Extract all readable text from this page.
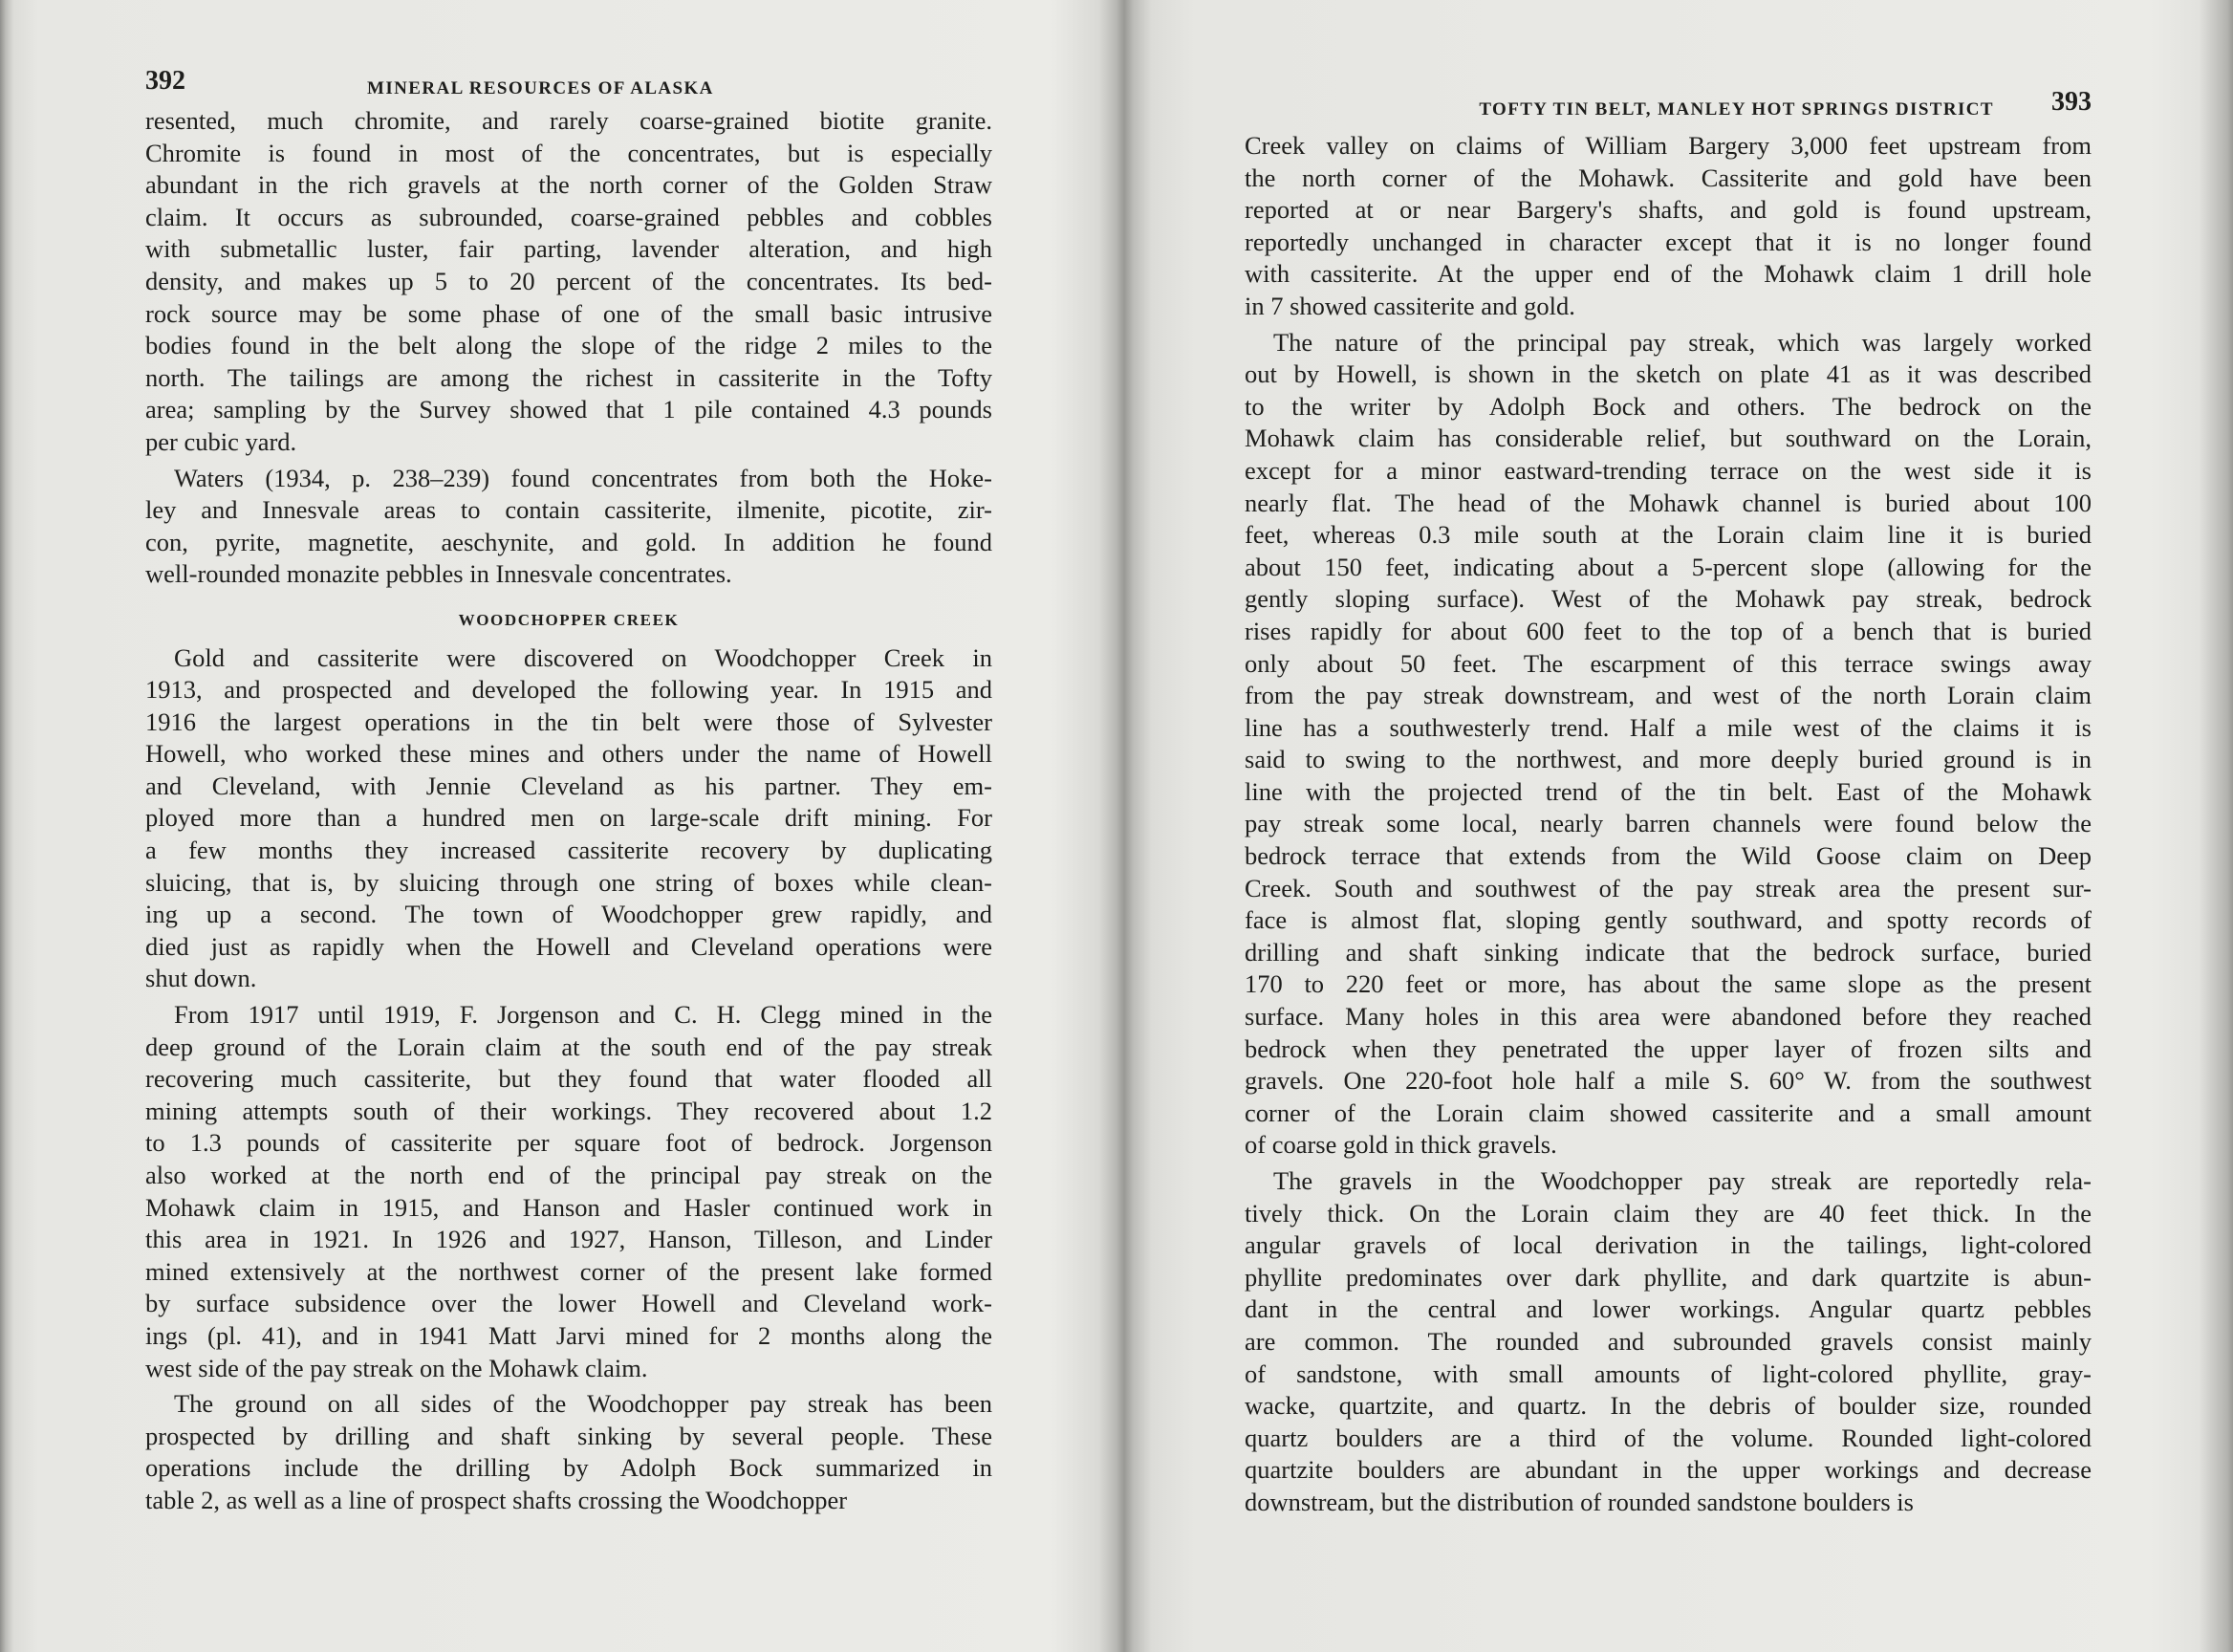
392	MINERAL RESOURCES OF ALASKA
resented, much chromite, and rarely coarse-grained biotite granite.
Chromite is found in most of the concentrates, but is especially
abundant in the rich gravels at the north corner of the Golden Straw
claim. It occurs as subrounded, coarse-grained pebbles and cobbles
with submetallic luster, fair parting, lavender alteration, and high
density, and makes up 5 to 20 percent of the concentrates. Its bed-
rock source may be some phase of one of the small basic intrusive
bodies found in the belt along the slope of the ridge 2 miles to the
north. The tailings are among the richest in cassiterite in the Tofty
area; sampling by the Survey showed that 1 pile contained 4.3 pounds
per cubic yard.
Waters (1934, p. 238–239) found concentrates from both the Hoke-
ley and Innesvale areas to contain cassiterite, ilmenite, picotite, zir-
con, pyrite, magnetite, aeschynite, and gold. In addition he found
well-rounded monazite pebbles in Innesvale concentrates.
WOODCHOPPER CREEK
Gold and cassiterite were discovered on Woodchopper Creek in
1913, and prospected and developed the following year. In 1915 and
1916 the largest operations in the tin belt were those of Sylvester
Howell, who worked these mines and others under the name of Howell
and Cleveland, with Jennie Cleveland as his partner. They em-
ployed more than a hundred men on large-scale drift mining. For
a few months they increased cassiterite recovery by duplicating
sluicing, that is, by sluicing through one string of boxes while clean-
ing up a second. The town of Woodchopper grew rapidly, and
died just as rapidly when the Howell and Cleveland operations were
shut down.
From 1917 until 1919, F. Jorgenson and C. H. Clegg mined in the
deep ground of the Lorain claim at the south end of the pay streak
recovering much cassiterite, but they found that water flooded all
mining attempts south of their workings. They recovered about 1.2
to 1.3 pounds of cassiterite per square foot of bedrock. Jorgenson
also worked at the north end of the principal pay streak on the
Mohawk claim in 1915, and Hanson and Hasler continued work in
this area in 1921. In 1926 and 1927, Hanson, Tilleson, and Linder
mined extensively at the northwest corner of the present lake formed
by surface subsidence over the lower Howell and Cleveland work-
ings (pl. 41), and in 1941 Matt Jarvi mined for 2 months along the
west side of the pay streak on the Mohawk claim.
The ground on all sides of the Woodchopper pay streak has been
prospected by drilling and shaft sinking by several people. These
operations include the drilling by Adolph Bock summarized in
table 2, as well as a line of prospect shafts crossing the Woodchopper
TOFTY TIN BELT, MANLEY HOT SPRINGS DISTRICT 393
Creek valley on claims of William Bargery 3,000 feet upstream from
the north corner of the Mohawk. Cassiterite and gold have been
reported at or near Bargery's shafts, and gold is found upstream,
reportedly unchanged in character except that it is no longer found
with cassiterite. At the upper end of the Mohawk claim 1 drill hole
in 7 showed cassiterite and gold.
The nature of the principal pay streak, which was largely worked
out by Howell, is shown in the sketch on plate 41 as it was described
to the writer by Adolph Bock and others. The bedrock on the
Mohawk claim has considerable relief, but southward on the Lorain,
except for a minor eastward-trending terrace on the west side it is
nearly flat. The head of the Mohawk channel is buried about 100
feet, whereas 0.3 mile south at the Lorain claim line it is buried
about 150 feet, indicating about a 5-percent slope (allowing for the
gently sloping surface). West of the Mohawk pay streak, bedrock
rises rapidly for about 600 feet to the top of a bench that is buried
only about 50 feet. The escarpment of this terrace swings away
from the pay streak downstream, and west of the north Lorain claim
line has a southwesterly trend. Half a mile west of the claims it is
said to swing to the northwest, and more deeply buried ground is in
line with the projected trend of the tin belt. East of the Mohawk
pay streak some local, nearly barren channels were found below the
bedrock terrace that extends from the Wild Goose claim on Deep
Creek. South and southwest of the pay streak area the present sur-
face is almost flat, sloping gently southward, and spotty records of
drilling and shaft sinking indicate that the bedrock surface, buried
170 to 220 feet or more, has about the same slope as the present
surface. Many holes in this area were abandoned before they reached
bedrock when they penetrated the upper layer of frozen silts and
gravels. One 220-foot hole half a mile S. 60° W. from the southwest
corner of the Lorain claim showed cassiterite and a small amount
of coarse gold in thick gravels.
The gravels in the Woodchopper pay streak are reportedly rela-
tively thick. On the Lorain claim they are 40 feet thick. In the
angular gravels of local derivation in the tailings, light-colored
phyllite predominates over dark phyllite, and dark quartzite is abun-
dant in the central and lower workings. Angular quartz pebbles
are common. The rounded and subrounded gravels consist mainly
of sandstone, with small amounts of light-colored phyllite, gray-
wacke, quartzite, and quartz. In the debris of boulder size, rounded
quartz boulders are a third of the volume. Rounded light-colored
quartzite boulders are abundant in the upper workings and decrease
downstream, but the distribution of rounded sandstone boulders is
